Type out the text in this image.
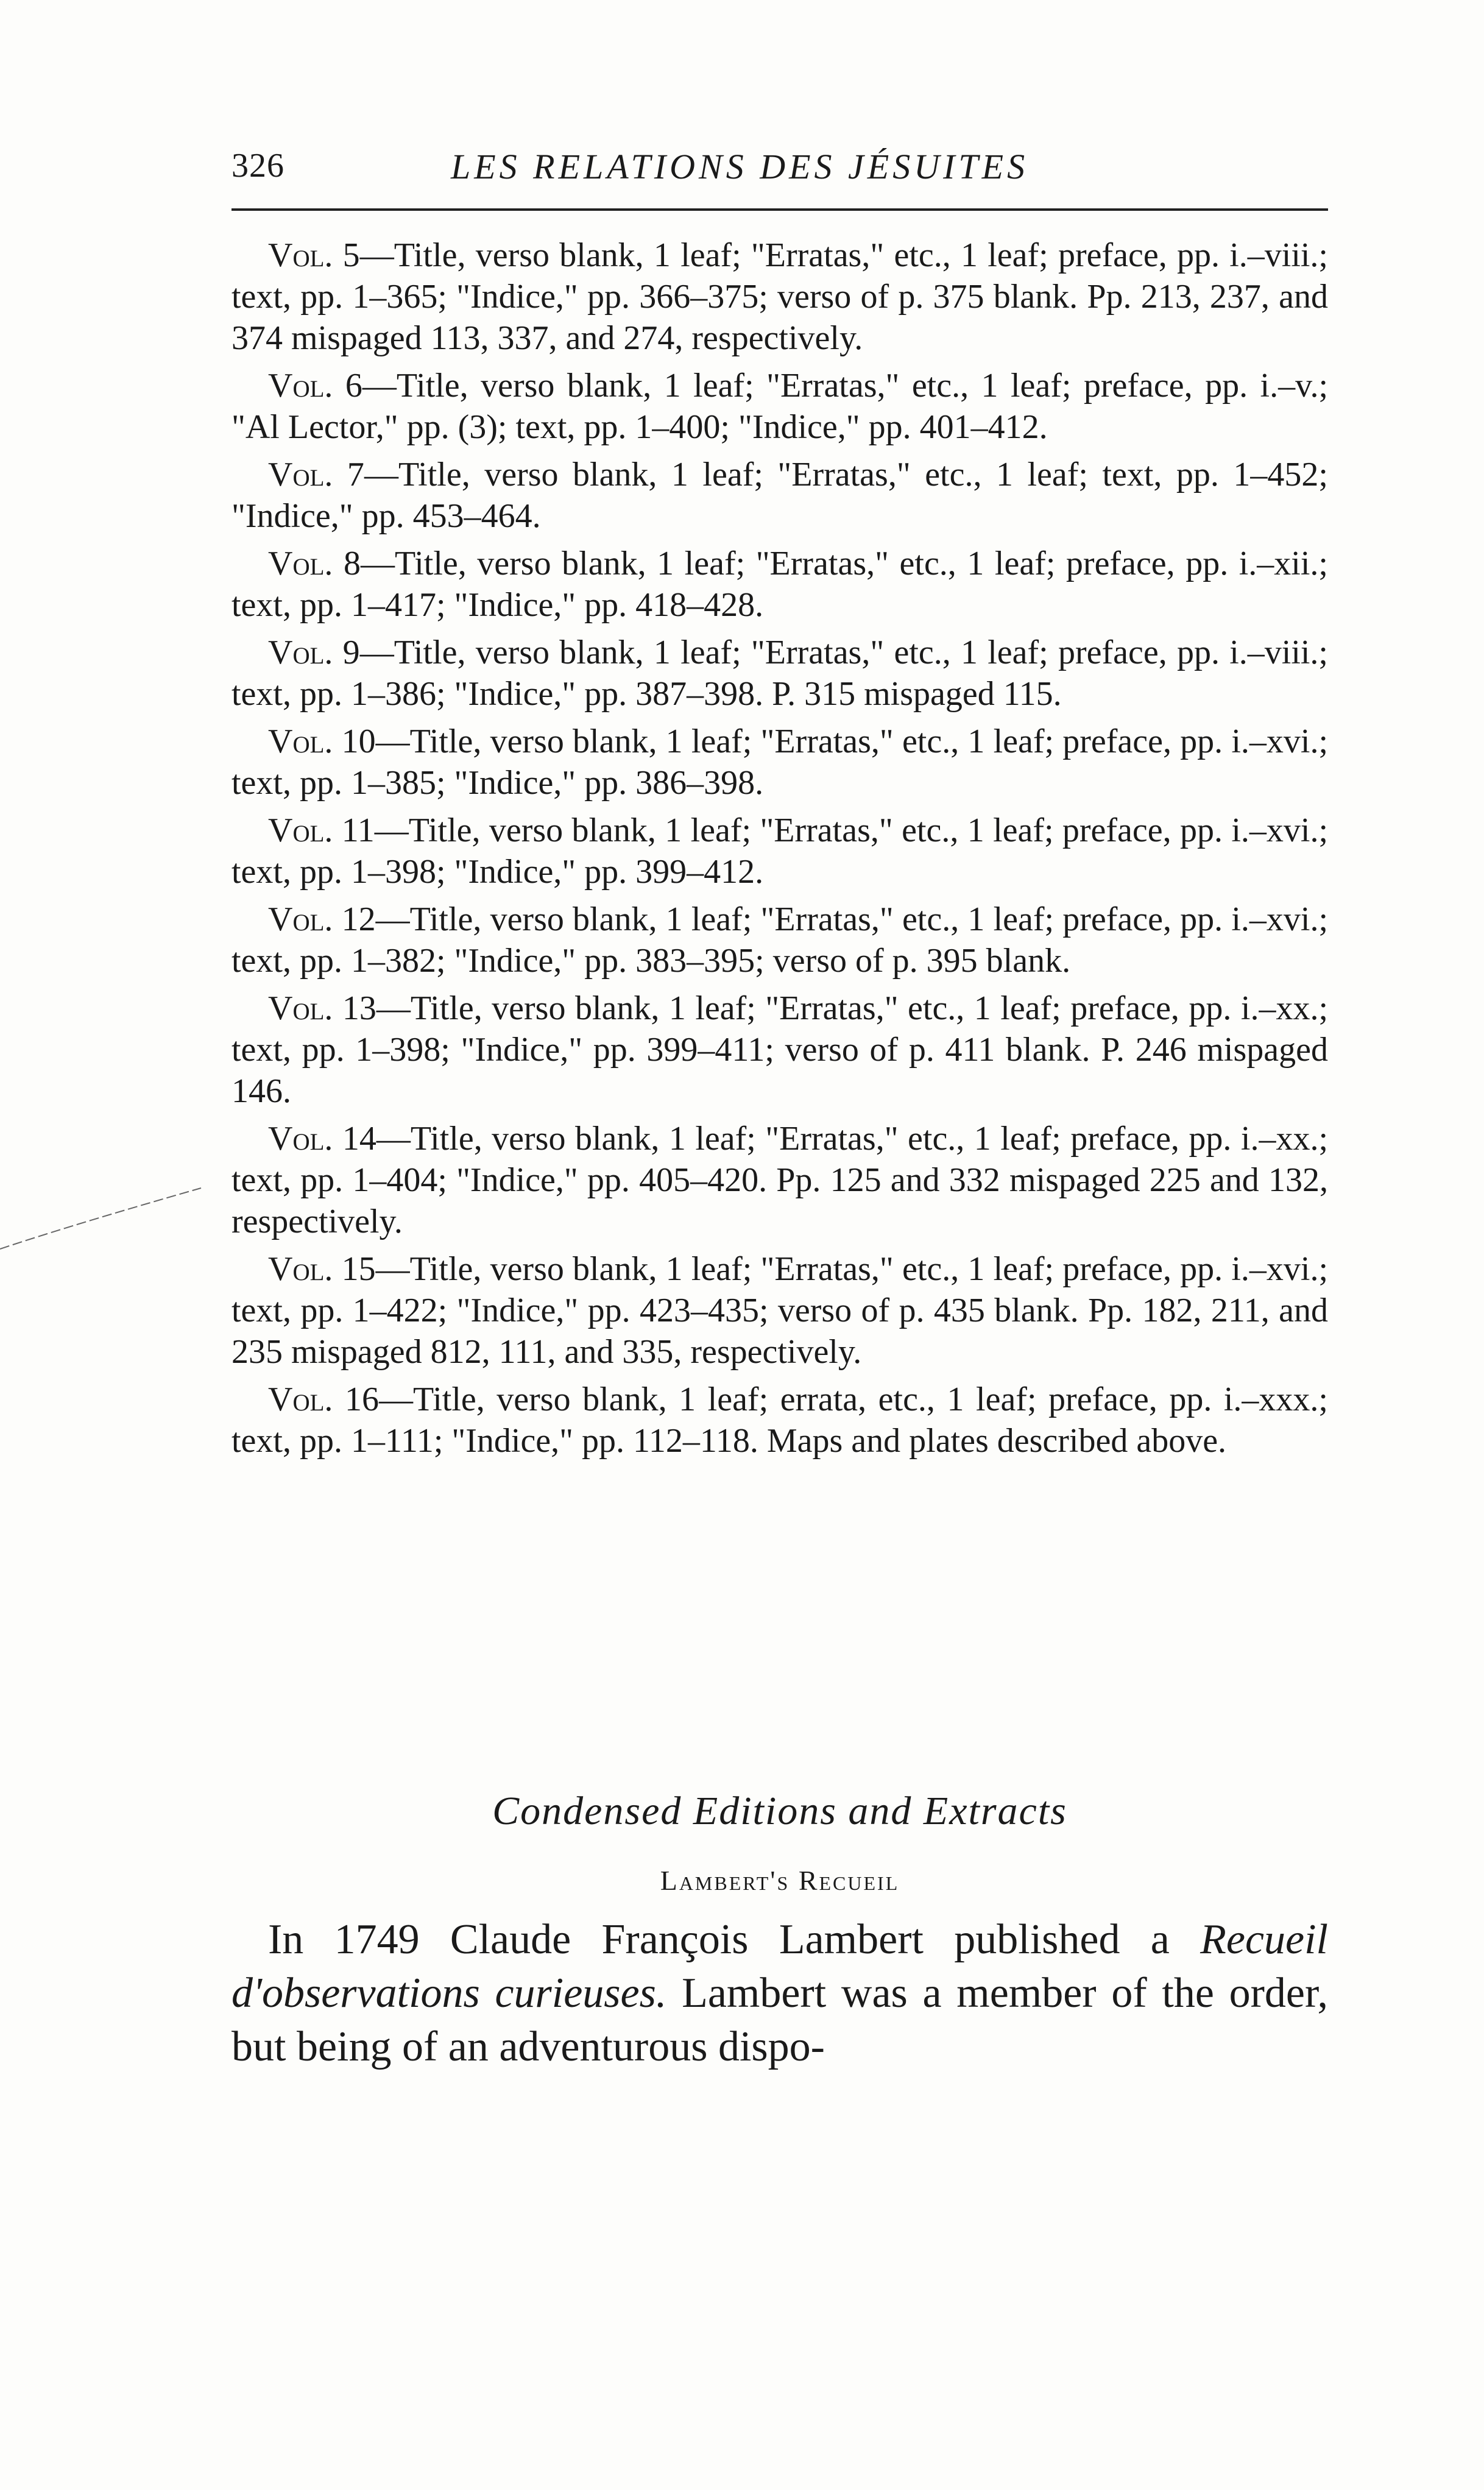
326	LES RELATIONS DES JÉSUITES

Vol. 5—Title, verso blank, 1 leaf; "Erratas," etc., 1 leaf; preface, pp. i.–viii.; text, pp. 1–365; "Indice," pp. 366–375; verso of p. 375 blank. Pp. 213, 237, and 374 mispaged 113, 337, and 274, respectively.

Vol. 6—Title, verso blank, 1 leaf; "Erratas," etc., 1 leaf; preface, pp. i.–v.; "Al Lector," pp. (3); text, pp. 1–400; "Indice," pp. 401–412.

Vol. 7—Title, verso blank, 1 leaf; "Erratas," etc., 1 leaf; text, pp. 1–452; "Indice," pp. 453–464.

Vol. 8—Title, verso blank, 1 leaf; "Erratas," etc., 1 leaf; preface, pp. i.–xii.; text, pp. 1–417; "Indice," pp. 418–428.

Vol. 9—Title, verso blank, 1 leaf; "Erratas," etc., 1 leaf; preface, pp. i.–viii.; text, pp. 1–386; "Indice," pp. 387–398. P. 315 mispaged 115.

Vol. 10—Title, verso blank, 1 leaf; "Erratas," etc., 1 leaf; preface, pp. i.–xvi.; text, pp. 1–385; "Indice," pp. 386–398.

Vol. 11—Title, verso blank, 1 leaf; "Erratas," etc., 1 leaf; preface, pp. i.–xvi.; text, pp. 1–398; "Indice," pp. 399–412.

Vol. 12—Title, verso blank, 1 leaf; "Erratas," etc., 1 leaf; preface, pp. i.–xvi.; text, pp. 1–382; "Indice," pp. 383–395; verso of p. 395 blank.

Vol. 13—Title, verso blank, 1 leaf; "Erratas," etc., 1 leaf; preface, pp. i.–xx.; text, pp. 1–398; "Indice," pp. 399–411; verso of p. 411 blank. P. 246 mispaged 146.

Vol. 14—Title, verso blank, 1 leaf; "Erratas," etc., 1 leaf; preface, pp. i.–xx.; text, pp. 1–404; "Indice," pp. 405–420. Pp. 125 and 332 mispaged 225 and 132, respectively.

Vol. 15—Title, verso blank, 1 leaf; "Erratas," etc., 1 leaf; preface, pp. i.–xvi.; text, pp. 1–422; "Indice," pp. 423–435; verso of p. 435 blank. Pp. 182, 211, and 235 mispaged 812, 111, and 335, respectively.

Vol. 16—Title, verso blank, 1 leaf; errata, etc., 1 leaf; preface, pp. i.–xxx.; text, pp. 1–111; "Indice," pp. 112–118. Maps and plates described above.

Condensed Editions and Extracts
Lambert's Recueil

In 1749 Claude François Lambert published a Recueil d'observations curieuses. Lambert was a member of the order, but being of an adventurous dispo-
